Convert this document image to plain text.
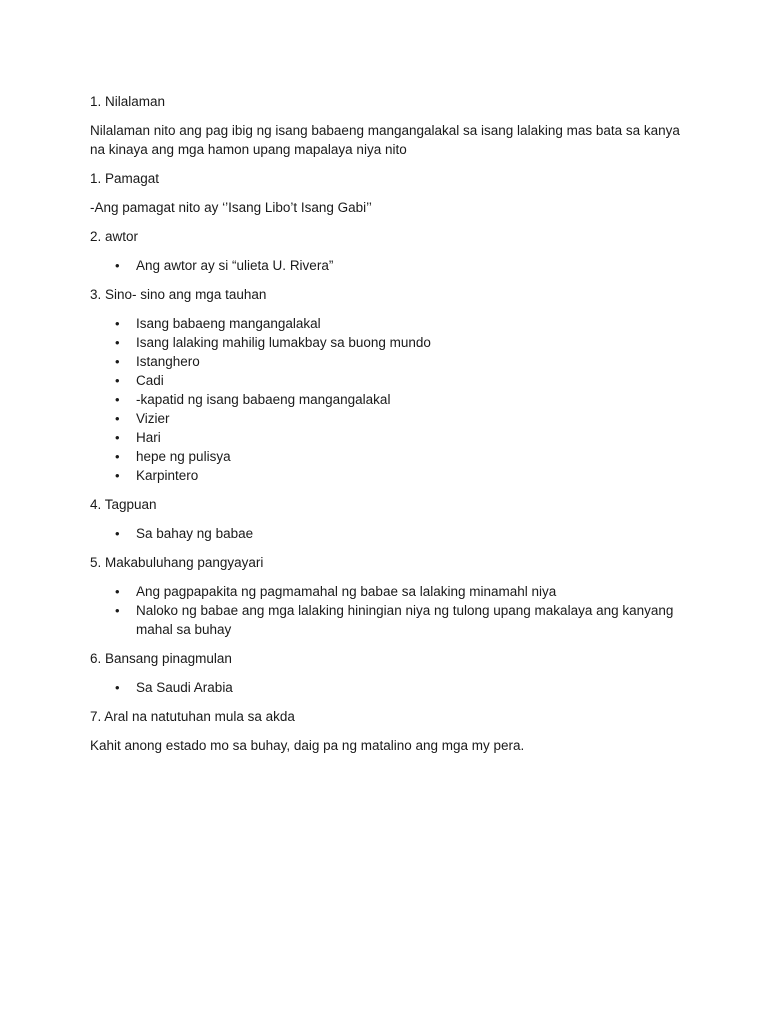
1. Nilalaman

Nilalaman nito ang pag ibig ng isang babaeng mangangalakal sa isang lalaking mas bata sa kanya na kinaya ang mga hamon upang mapalaya niya nito

1. Pamagat

-Ang pamagat nito ay ‘’Isang Libo’t Isang Gabi’’

2. awtor

• Ang awtor ay si “ulieta U. Rivera”

3. Sino- sino ang mga tauhan

• Isang babaeng mangangalakal
• Isang lalaking mahilig lumakbay sa buong mundo
• Istanghero
• Cadi
• -kapatid ng isang babaeng mangangalakal
• Vizier
• Hari
• hepe ng pulisya
• Karpintero

4. Tagpuan

• Sa bahay ng babae

5. Makabuluhang pangyayari

• Ang pagpapakita ng pagmamahal ng babae sa lalaking minamahl niya
• Naloko ng babae ang mga lalaking hiningian niya ng tulong upang makalaya ang kanyang mahal sa buhay

6. Bansang pinagmulan

• Sa Saudi Arabia

7. Aral na natutuhan mula sa akda

Kahit anong estado mo sa buhay, daig pa ng matalino ang mga my pera.
